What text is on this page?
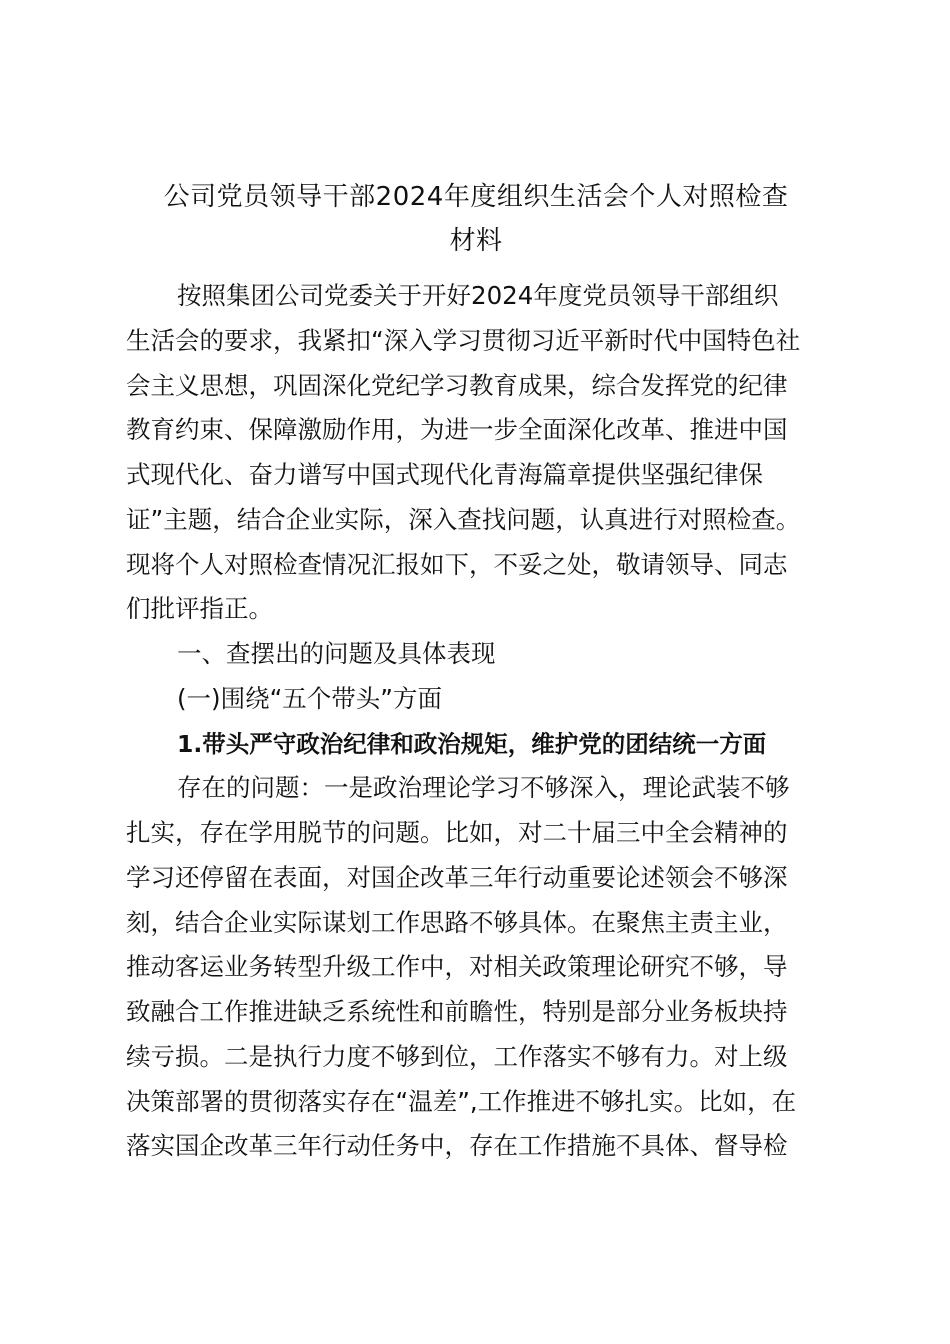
公司党员领导干部2024年度组织生活会个人对照检查
材料

按照集团公司党委关于开好2024年度党员领导干部组织

生活会的要求，我紧扣“深入学习贯彻习近平新时代中国特色社

会主义思想，巩固深化党纪学习教育成果，综合发挥党的纪律

教育约束、保障激励作用，为进一步全面深化改革、推进中国

式现代化、奋力谱写中国式现代化青海篇章提供坚强纪律保

证”主题，结合企业实际，深入查找问题，认真进行对照检查。

现将个人对照检查情况汇报如下，不妥之处，敬请领导、同志

们批评指正。

一、查摆出的问题及具体表现

(一)围绕“五个带头”方面

1.带头严守政治纪律和政治规矩，维护党的团结统一方面

存在的问题：一是政治理论学习不够深入，理论武装不够

扎实，存在学用脱节的问题。比如，对二十届三中全会精神的

学习还停留在表面，对国企改革三年行动重要论述领会不够深

刻，结合企业实际谋划工作思路不够具体。在聚焦主责主业，

推动客运业务转型升级工作中，对相关政策理论研究不够，导

致融合工作推进缺乏系统性和前瞻性，特别是部分业务板块持

续亏损。二是执行力度不够到位，工作落实不够有力。对上级

决策部署的贯彻落实存在“温差”,工作推进不够扎实。比如，在

落实国企改革三年行动任务中，存在工作措施不具体、督导检
